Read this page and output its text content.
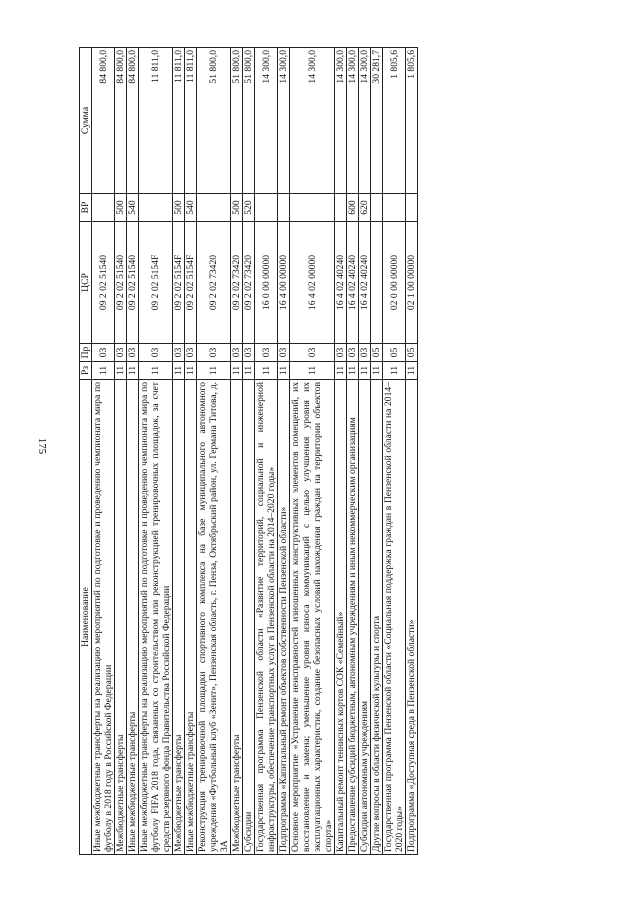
175
Наименование	Рз	Пр	ЦСР	ВР	Сумма
Иные межбюджетные трансферты на реализацию мероприятий по подготовке и проведению чемпионата мира по футболу в 2018 году в Российской Федерации	11	03	09 2 02 51540		84 800,0
Межбюджетные трансферты	11	03	09 2 02 51540	500	84 800,0
Иные межбюджетные трансферты	11	03	09 2 02 51540	540	84 800,0
Иные межбюджетные трансферты на реализацию мероприятий по подготовке и проведению чемпионата мира по футболу FIFA 2018 года, связанных со строительством или реконструкцией тренировочных площадок, за счет средств резервного фонда Правительства Российской Федерации	11	03	09 2 02 5154F		11 811,0
Межбюджетные трансферты	11	03	09 2 02 5154F	500	11 811,0
Иные межбюджетные трансферты	11	03	09 2 02 5154F	540	11 811,0
Реконструкция тренировочной площадки спортивного комплекса на базе муниципального автономного учреждения «Футбольный клуб «Зенит», Пензенская область, г. Пенза, Октябрьский район, ул. Германа Титова, д. 3А	11	03	09 2 02 73420		51 800,0
Межбюджетные трансферты	11	03	09 2 02 73420	500	51 800,0
Субсидии	11	03	09 2 02 73420	520	51 800,0
Государственная программа Пензенской области «Развитие территорий, социальной и инженерной инфраструктуры, обеспечение транспортных услуг в Пензенской области на 2014–2020 годы»	11	03	16 0 00 00000		14 300,0
Подпрограмма «Капитальный ремонт объектов собственности Пензенской области»	11	03	16 4 00 00000		14 300,0
Основное мероприятие «Устранение неисправностей изношенных конструктивных элементов помещений, их восстановление и замена; уменьшение уровня износа коммуникаций с целью улучшения уровня их эксплуатационных характеристик, создание безопасных условий нахождения граждан на территории объектов спорта»	11	03	16 4 02 00000		14 300,0
Капитальный ремонт теннисных кортов СОК «Семейный»	11	03	16 4 02 40240		14 300,0
Предоставление субсидий бюджетным, автономным учреждениям и иным некоммерческим организациям	11	03	16 4 02 40240	600	14 300,0
Субсидии автономным учреждениям	11	03	16 4 02 40240	620	14 300,0
Другие вопросы в области физической культуры и спорта	11	05			30 281,7
Государственная программа Пензенской области «Социальная поддержка граждан в Пензенской области на 2014–2020 годы»	11	05	02 0 00 00000		1 805,6
Подпрограмма «Доступная среда в Пензенской области»	11	05	02 1 00 00000		1 805,6
